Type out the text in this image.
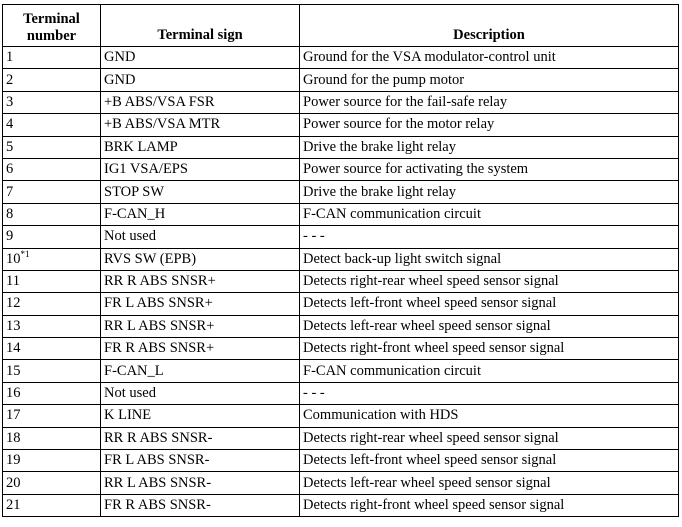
Terminal
number	Terminal sign	Description
1	GND	Ground for the VSA modulator-control unit
2	GND	Ground for the pump motor
3	+B ABS/VSA FSR	Power source for the fail-safe relay
4	+B ABS/VSA MTR	Power source for the motor relay
5	BRK LAMP	Drive the brake light relay
6	IG1 VSA/EPS	Power source for activating the system
7	STOP SW	Drive the brake light relay
8	F-CAN_H	F-CAN communication circuit
9	Not used	- - -
10$^{*1}$	RVS SW (EPB)	Detect back-up light switch signal
11	RR R ABS SNSR+	Detects right-rear wheel speed sensor signal
12	FR L ABS SNSR+	Detects left-front wheel speed sensor signal
13	RR L ABS SNSR+	Detects left-rear wheel speed sensor signal
14	FR R ABS SNSR+	Detects right-front wheel speed sensor signal
15	F-CAN_L	F-CAN communication circuit
16	Not used	- - -
17	K LINE	Communication with HDS
18	RR R ABS SNSR-	Detects right-rear wheel speed sensor signal
19	FR L ABS SNSR-	Detects left-front wheel speed sensor signal
20	RR L ABS SNSR-	Detects left-rear wheel speed sensor signal
21	FR R ABS SNSR-	Detects right-front wheel speed sensor signal
